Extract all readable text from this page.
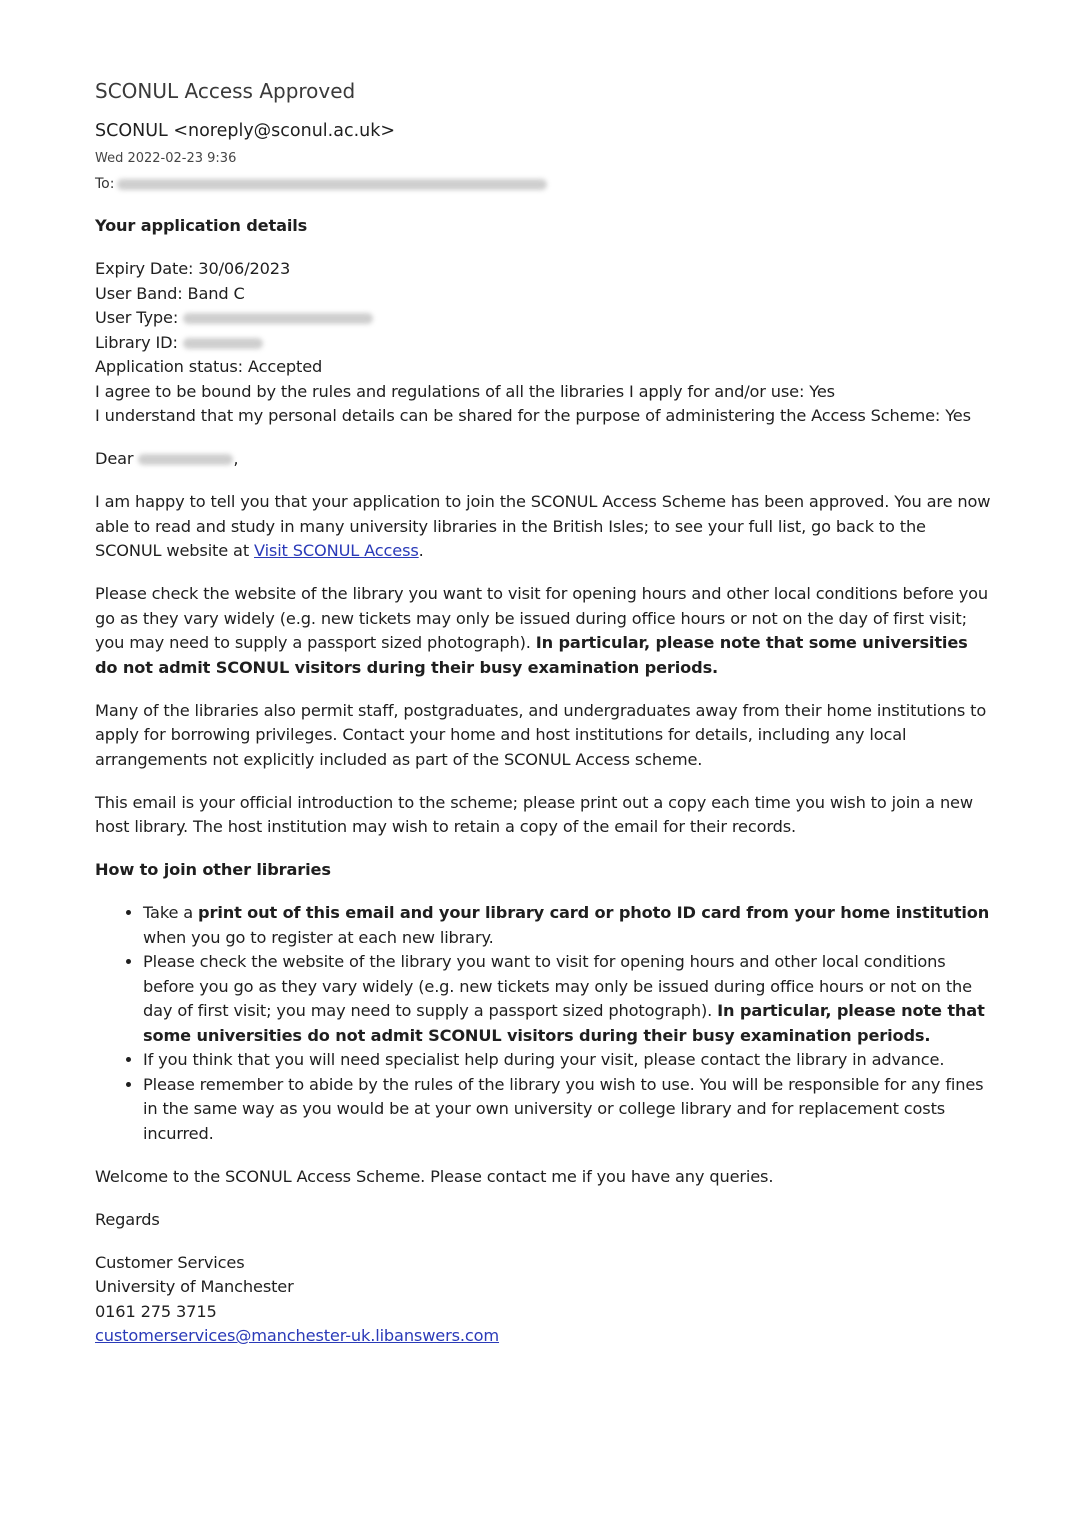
SCONUL Access Approved
SCONUL <noreply@sconul.ac.uk>
Wed 2022-02-23 9:36
To:

Your application details

Expiry Date: 30/06/2023
User Band: Band C
User Type:
Library ID:
Application status: Accepted
I agree to be bound by the rules and regulations of all the libraries I apply for and/or use: Yes
I understand that my personal details can be shared for the purpose of administering the Access Scheme: Yes

Dear	,

I am happy to tell you that your application to join the SCONUL Access Scheme has been approved. You are now able to read and study in many university libraries in the British Isles; to see your full list, go back to the SCONUL website at Visit SCONUL Access.

Please check the website of the library you want to visit for opening hours and other local conditions before you go as they vary widely (e.g. new tickets may only be issued during office hours or not on the day of first visit; you may need to supply a passport sized photograph). In particular, please note that some universities do not admit SCONUL visitors during their busy examination periods.

Many of the libraries also permit staff, postgraduates, and undergraduates away from their home institutions to apply for borrowing privileges. Contact your home and host institutions for details, including any local arrangements not explicitly included as part of the SCONUL Access scheme.

This email is your official introduction to the scheme; please print out a copy each time you wish to join a new host library. The host institution may wish to retain a copy of the email for their records.

How to join other libraries

• Take a print out of this email and your library card or photo ID card from your home institution when you go to register at each new library.
• Please check the website of the library you want to visit for opening hours and other local conditions before you go as they vary widely (e.g. new tickets may only be issued during office hours or not on the day of first visit; you may need to supply a passport sized photograph). In particular, please note that some universities do not admit SCONUL visitors during their busy examination periods.
• If you think that you will need specialist help during your visit, please contact the library in advance.
• Please remember to abide by the rules of the library you wish to use. You will be responsible for any fines in the same way as you would be at your own university or college library and for replacement costs incurred.

Welcome to the SCONUL Access Scheme. Please contact me if you have any queries.

Regards

Customer Services

University of Manchester

0161 275 3715

customerservices@manchester-uk.libanswers.com
